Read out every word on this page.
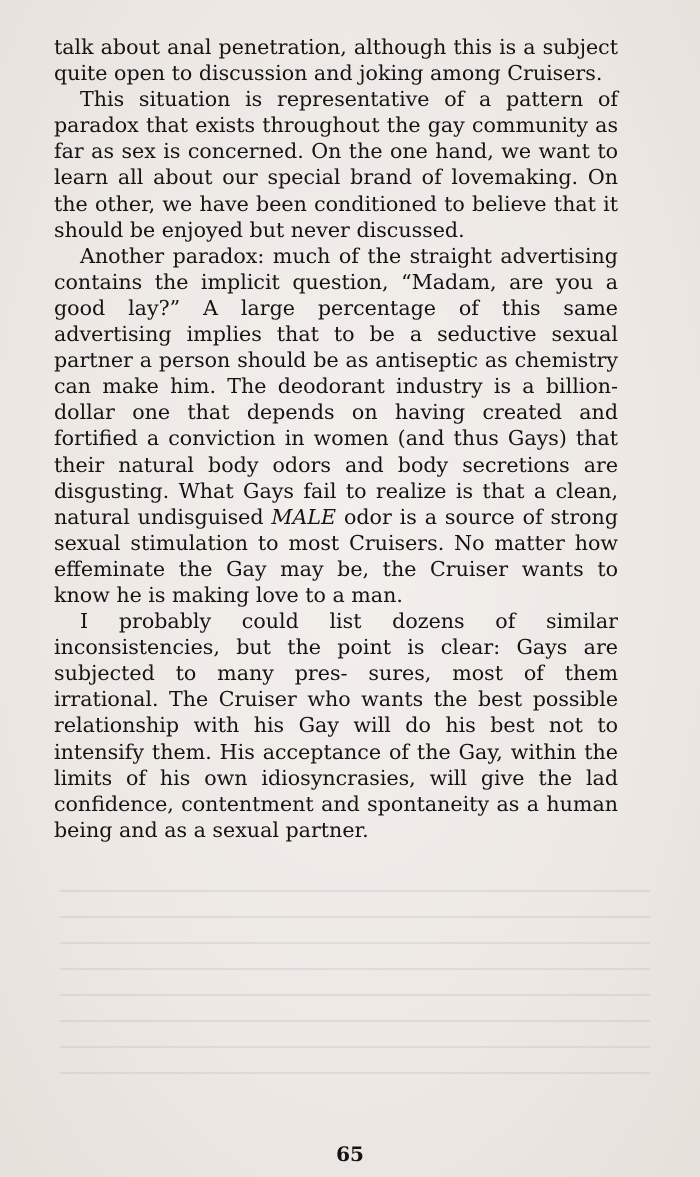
talk about anal penetration, although this is a subject quite open to discussion and joking among Cruisers.

This situation is representative of a pattern of paradox that exists throughout the gay community as far as sex is concerned. On the one hand, we want to learn all about our special brand of lovemaking. On the other, we have been conditioned to believe that it should be enjoyed but never discussed.

Another paradox: much of the straight advertising contains the implicit question, “Madam, are you a good lay?” A large percentage of this same advertising implies that to be a seductive sexual partner a person should be as antiseptic as chemistry can make him. The deodorant industry is a billion-dollar one that depends on having created and fortified a conviction in women (and thus Gays) that their natural body odors and body secretions are disgusting. What Gays fail to realize is that a clean, natural undisguised MALE odor is a source of strong sexual stimulation to most Cruisers. No matter how effeminate the Gay may be, the Cruiser wants to know he is making love to a man.

I probably could list dozens of similar inconsistencies, but the point is clear: Gays are subjected to many pres- sures, most of them irrational. The Cruiser who wants the best possible relationship with his Gay will do his best not to intensify them. His acceptance of the Gay, within the limits of his own idiosyncrasies, will give the lad confidence, contentment and spontaneity as a human being and as a sexual partner.

65
